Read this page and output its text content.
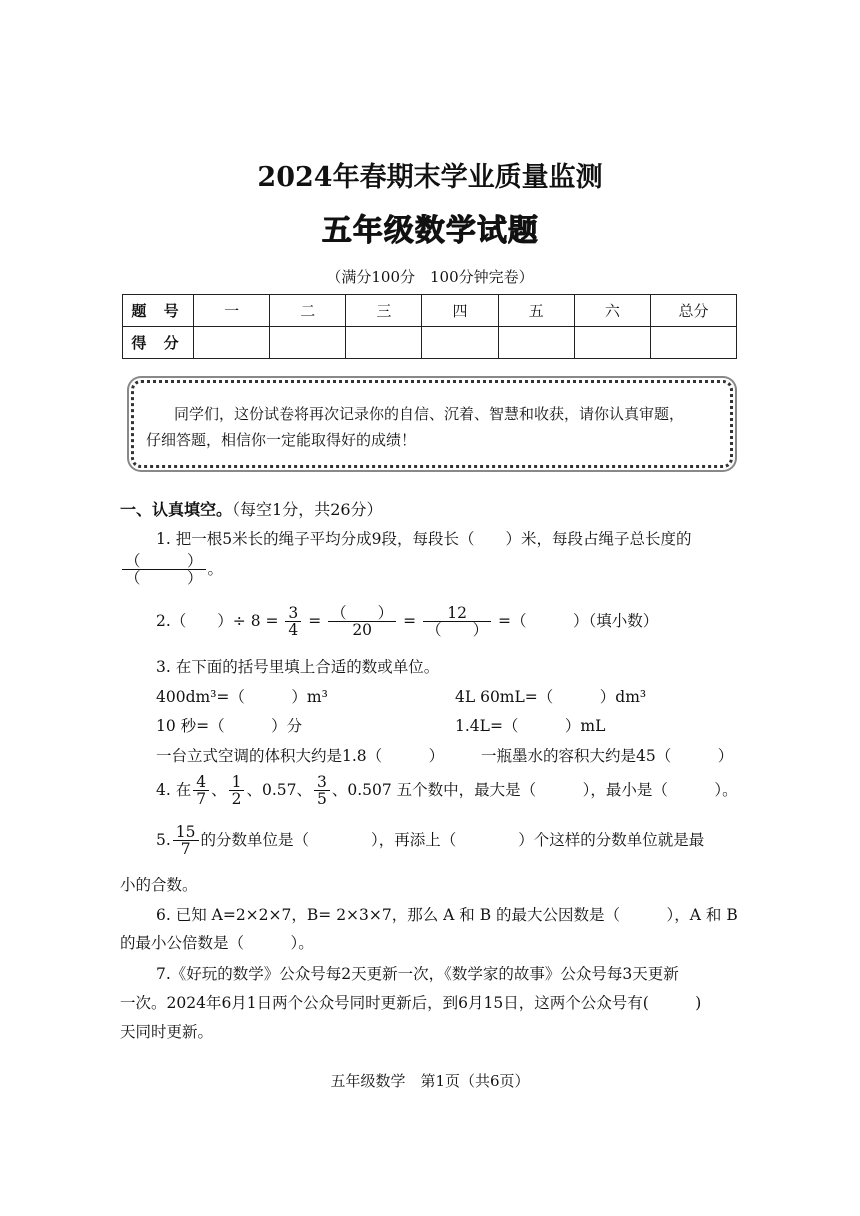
2024年春期末学业质量监测
五年级数学试题
（满分100分　100分钟完卷）
题 号	一	二	三	四	五	六	总分
得 分							

同学们，这份试卷将再次记录你的自信、沉着、智慧和收获，请你认真审题，

仔细答题，相信你一定能取得好的成绩！

一、认真填空。（每空1分，共26分）
1. 把一根5米长的绳子平均分成9段，每段长（　　）米，每段占绳子总长度的
$\frac{( )}{( )}$ 。
2.（　　）÷ $8 = \frac{3}{4} = \frac{( )}{20} = \frac{12}{( )}$ =（　　　）（填小数）
3. 在下面的括号里填上合适的数或单位。
400dm³=（　　　）m³	4L 60mL=（　　　）dm³
10 秒=（　　　）分	1.4L=（　　　）mL
一台立式空调的体积大约是1.8（　　　） 一瓶墨水的容积大约是45（　　　）
4. 在 $\frac{4}{7}$ 、 $\frac{1}{2}$ 、0.57、 $\frac{3}{5}$ 、0.507 五个数中，最大是（　　　），最小是（　　　）。
5. $\frac{15}{7}$ 的分数单位是（　　　　），再添上（　　　　）个这样的分数单位就是最
小的合数。
6. 已知 A=2×2×7，B= 2×3×7，那么 A 和 B 的最大公因数是（　　　），A 和 B
的最小公倍数是（　　　）。
7.《好玩的数学》公众号每2天更新一次，《数学家的故事》公众号每3天更新
一次。2024年6月1日两个公众号同时更新后，到6月15日，这两个公众号有(　　　)
天同时更新。
五年级数学　第1页（共6页）
